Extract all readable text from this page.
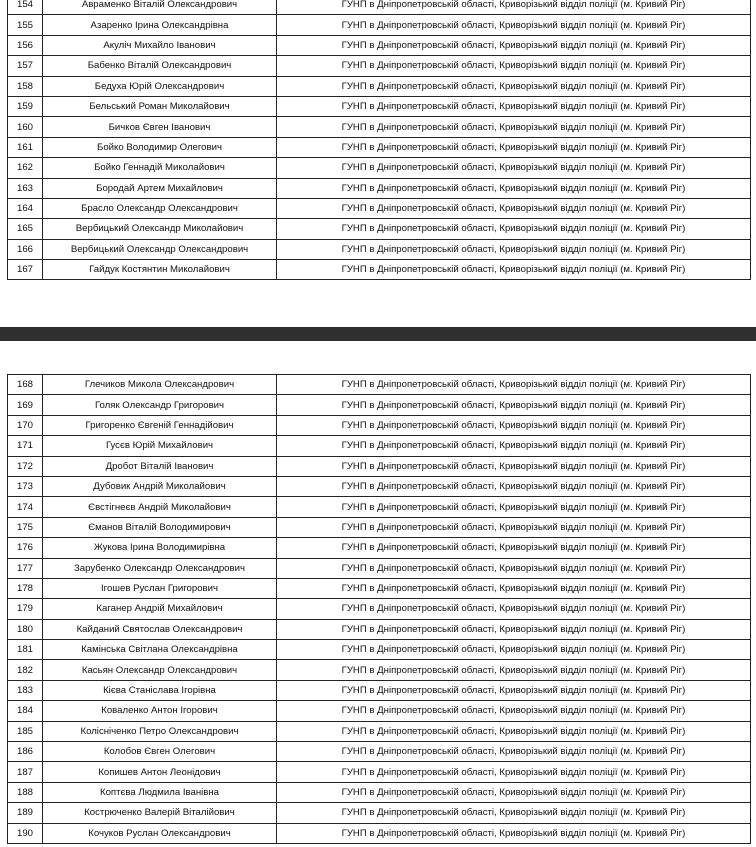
154	Авраменко Віталій Олександрович	ГУНП в Дніпропетровській області, Криворізький відділ поліції (м. Кривий Ріг)
155	Азаренко Ірина Олександрівна	ГУНП в Дніпропетровській області, Криворізький відділ поліції (м. Кривий Ріг)
156	Акуліч Михайло Іванович	ГУНП в Дніпропетровській області, Криворізький відділ поліції (м. Кривий Ріг)
157	Бабенко Віталій Олександрович	ГУНП в Дніпропетровській області, Криворізький відділ поліції (м. Кривий Ріг)
158	Бедуха Юрій Олександрович	ГУНП в Дніпропетровській області, Криворізький відділ поліції (м. Кривий Ріг)
159	Бельський Роман Миколайович	ГУНП в Дніпропетровській області, Криворізький відділ поліції (м. Кривий Ріг)
160	Бичков Євген Іванович	ГУНП в Дніпропетровській області, Криворізький відділ поліції (м. Кривий Ріг)
161	Бойко Володимир Олегович	ГУНП в Дніпропетровській області, Криворізький відділ поліції (м. Кривий Ріг)
162	Бойко Геннадій Миколайович	ГУНП в Дніпропетровській області, Криворізький відділ поліції (м. Кривий Ріг)
163	Бородай Артем Михайлович	ГУНП в Дніпропетровській області, Криворізький відділ поліції (м. Кривий Ріг)
164	Брасло Олександр Олександрович	ГУНП в Дніпропетровській області, Криворізький відділ поліції (м. Кривий Ріг)
165	Вербицький Олександр Миколайович	ГУНП в Дніпропетровській області, Криворізький відділ поліції (м. Кривий Ріг)
166	Вербицький Олександр Олександрович	ГУНП в Дніпропетровській області, Криворізький відділ поліції (м. Кривий Ріг)
167	Гайдук Костянтин Миколайович	ГУНП в Дніпропетровській області, Криворізький відділ поліції (м. Кривий Ріг)
168	Глечиков Микола Олександрович	ГУНП в Дніпропетровській області, Криворізький відділ поліції (м. Кривий Ріг)
169	Голяк Олександр Григорович	ГУНП в Дніпропетровській області, Криворізький відділ поліції (м. Кривий Ріг)
170	Григоренко Євгеній Геннадійович	ГУНП в Дніпропетровській області, Криворізький відділ поліції (м. Кривий Ріг)
171	Гусєв Юрій Михайлович	ГУНП в Дніпропетровській області, Криворізький відділ поліції (м. Кривий Ріг)
172	Дробот Віталій Іванович	ГУНП в Дніпропетровській області, Криворізький відділ поліції (м. Кривий Ріг)
173	Дубовик Андрій Миколайович	ГУНП в Дніпропетровській області, Криворізький відділ поліції (м. Кривий Ріг)
174	Євстігнеєв Андрій Миколайович	ГУНП в Дніпропетровській області, Криворізький відділ поліції (м. Кривий Ріг)
175	Єманов Віталій Володимирович	ГУНП в Дніпропетровській області, Криворізький відділ поліції (м. Кривий Ріг)
176	Жукова Ірина Володимирівна	ГУНП в Дніпропетровській області, Криворізький відділ поліції (м. Кривий Ріг)
177	Зарубенко Олександр Олександрович	ГУНП в Дніпропетровській області, Криворізький відділ поліції (м. Кривий Ріг)
178	Ігошев Руслан Григорович	ГУНП в Дніпропетровській області, Криворізький відділ поліції (м. Кривий Ріг)
179	Каганер Андрій Михайлович	ГУНП в Дніпропетровській області, Криворізький відділ поліції (м. Кривий Ріг)
180	Кайданий Святослав Олександрович	ГУНП в Дніпропетровській області, Криворізький відділ поліції (м. Кривий Ріг)
181	Камінська Світлана Олександрівна	ГУНП в Дніпропетровській області, Криворізький відділ поліції (м. Кривий Ріг)
182	Касьян Олександр Олександрович	ГУНП в Дніпропетровській області, Криворізький відділ поліції (м. Кривий Ріг)
183	Кієва Станіслава Ігорівна	ГУНП в Дніпропетровській області, Криворізький відділ поліції (м. Кривий Ріг)
184	Коваленко Антон Ігорович	ГУНП в Дніпропетровській області, Криворізький відділ поліції (м. Кривий Ріг)
185	Колісніченко Петро Олександрович	ГУНП в Дніпропетровській області, Криворізький відділ поліції (м. Кривий Ріг)
186	Колобов Євген Олегович	ГУНП в Дніпропетровській області, Криворізький відділ поліції (м. Кривий Ріг)
187	Копишев Антон Леонідович	ГУНП в Дніпропетровській області, Криворізький відділ поліції (м. Кривий Ріг)
188	Коптєва Людмила Іванівна	ГУНП в Дніпропетровській області, Криворізький відділ поліції (м. Кривий Ріг)
189	Кострюченко Валерій Віталійович	ГУНП в Дніпропетровській області, Криворізький відділ поліції (м. Кривий Ріг)
190	Кочуков Руслан Олександрович	ГУНП в Дніпропетровській області, Криворізький відділ поліції (м. Кривий Ріг)
